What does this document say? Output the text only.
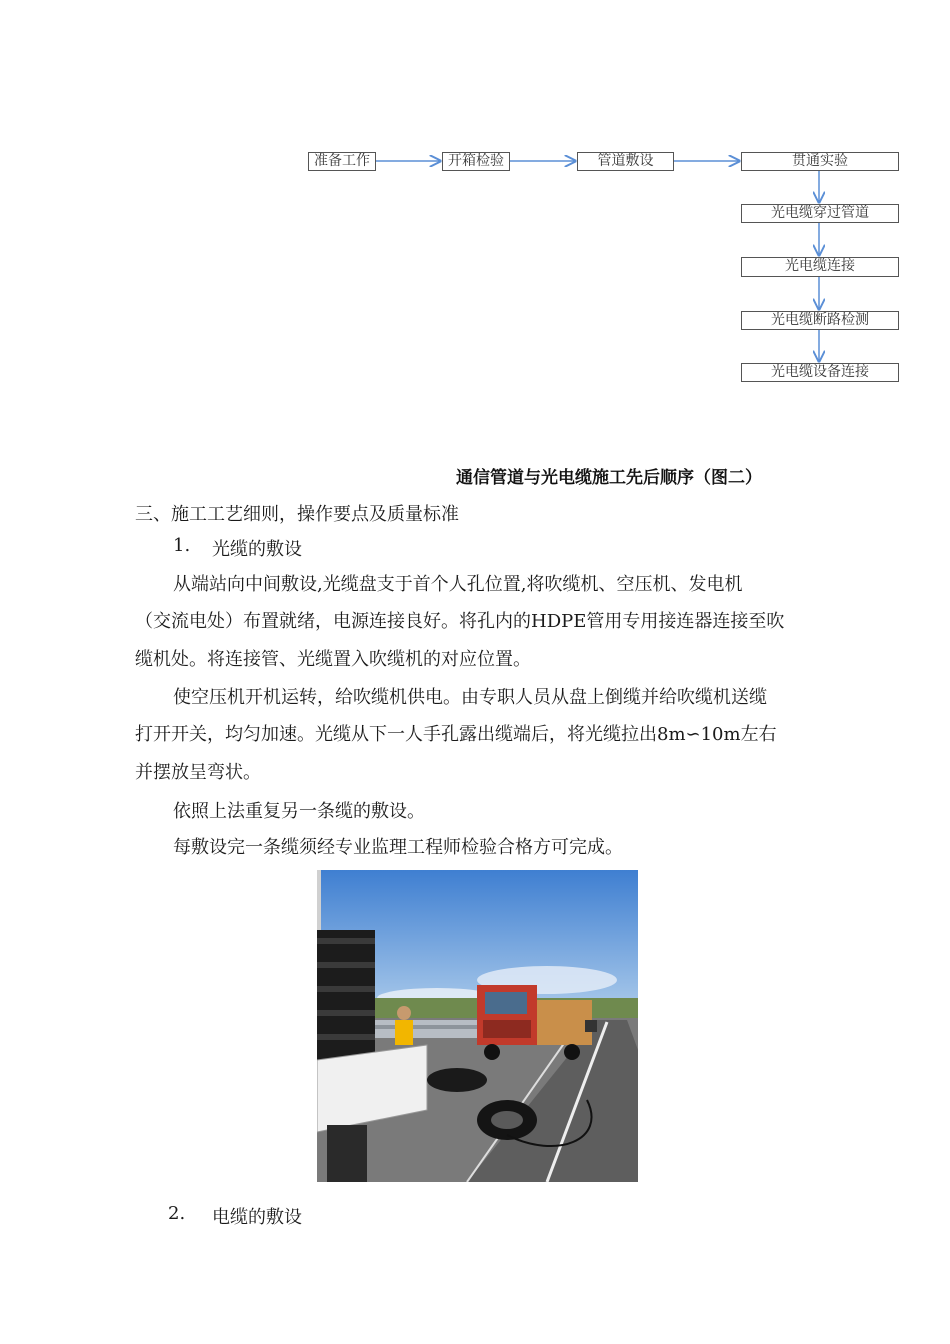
准备工作	开箱检验	管道敷设	贯通实验
光电缆穿过管道
光电缆连接
光电缆断路检测
光电缆设备连接
通信管道与光电缆施工先后顺序（图二）
三、施工工艺细则，操作要点及质量标准
1. 光缆的敷设
从端站向中间敷设,光缆盘支于首个人孔位置,将吹缆机、空压机、发电机
（交流电处）布置就绪，电源连接良好。将孔内的HDPE管用专用接连器连接至吹
缆机处。将连接管、光缆置入吹缆机的对应位置。
使空压机开机运转，给吹缆机供电。由专职人员从盘上倒缆并给吹缆机送缆
打开开关，均匀加速。光缆从下一人手孔露出缆端后，将光缆拉出8m∽10m左右
并摆放呈弯状。
依照上法重复另一条缆的敷设。
每敷设完一条缆须经专业监理工程师检验合格方可完成。
2. 电缆的敷设
